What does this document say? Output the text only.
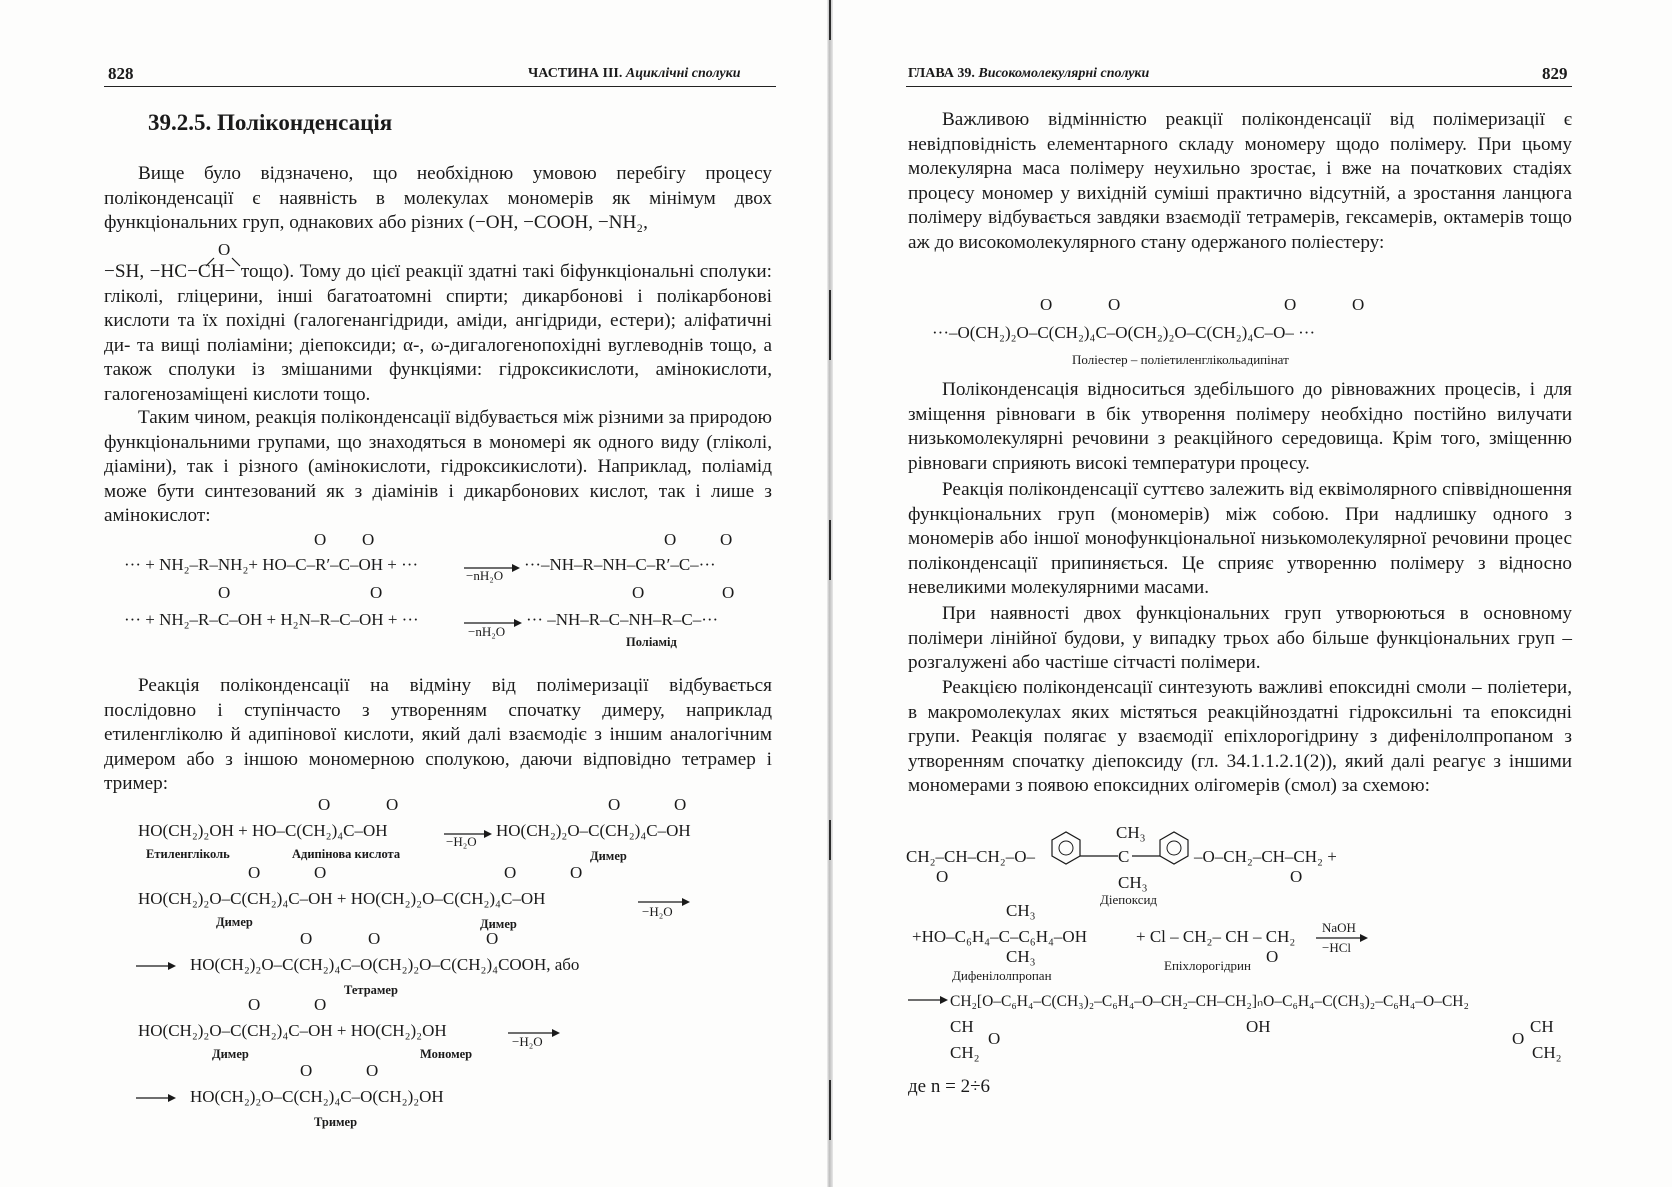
828	ЧАСТИНА III. Ациклічні сполуки
39.2.5. Поліконденсація

Вище було відзначено, що необхідною умовою перебігу процесу поліконденсації є наявність в молекулах мономерів як мінімум двох функціональних груп, однакових або різних (−OH, −COOH, −NH₂,

−SH, −HC−CH− тощо). Тому до цієї реакції здатні такі біфункціональні сполуки: гліколі, гліцерини, інші багатоатомні спирти; дикарбонові і полікарбонові кислоти та їх похідні (галогенангідриди, аміди, ангідриди, естери); аліфатичні ди- та вищі поліаміни; діепоксиди; α-, ω-дигалогенопохідні вуглеводнів тощо, а також сполуки із змішаними функціями: гідроксикислоти, амінокислоти, галогенозаміщені кислоти тощо.

Таким чином, реакція поліконденсації відбувається між різними за природою функціональними групами, що знаходяться в мономері як одного виду (гліколі, діаміни), так і різного (амінокислоти, гідроксикислоти). Наприклад, поліамід може бути синтезований як з діамінів і дикарбонових кислот, так і лише з амінокислот:

Реакція поліконденсації на відміну від полімеризації відбувається послідовно і ступінчасто з утворенням спочатку димеру, наприклад етиленгліколю й адипінової кислоти, який далі взаємодіє з іншим аналогічним димером або з іншою мономерною сполукою, даючи відповідно тетрамер і тример:

O
O O	O	O
··· + NH₂–R–NH₂+ HO–C–R′–C–OH + ···
−nH₂O
···–NH–R–NH–C–R′–C–···
O	O	O	O
··· + NH₂–R–C–OH + H₂N–R–C–OH + ···
−nH₂O
··· –NH–R–C–NH–R–C–···
Поліамід
O	O	O	O
HO(CH₂)₂OH + HO–C(CH₂)₄C–OH
−H₂O
HO(CH₂)₂O–C(CH₂)₄C–OH
Етиленгліколь	Адипінова кислота	Димер
O	O	O	O
HO(CH₂)₂O–C(CH₂)₄C–OH + HO(CH₂)₂O–C(CH₂)₄C–OH
−H₂O
Димер	Димер
O	O	O
HO(CH₂)₂O–C(CH₂)₄C–O(CH₂)₂O–C(CH₂)₄COOH, або
Тетрамер
O	O
HO(CH₂)₂O–C(CH₂)₄C–OH + HO(CH₂)₂OH
−H₂O
Димер	Мономер
O	O
HO(CH₂)₂O–C(CH₂)₄C–O(CH₂)₂OH
Тример
ГЛАВА 39. Високомолекулярні сполуки	829

Важливою відмінністю реакції поліконденсації від полімеризації є невідповідність елементарного складу мономеру щодо полімеру. При цьому молекулярна маса полімеру неухильно зростає, і вже на початкових стадіях процесу мономер у вихідній суміші практично відсутній, а зростання ланцюга полімеру відбувається завдяки взаємодії тетрамерів, гексамерів, октамерів тощо аж до високомолекулярного стану одержаного поліестеру:

Поліконденсація відноситься здебільшого до рівноважних процесів, і для зміщення рівноваги в бік утворення полімеру необхідно постійно вилучати низькомолекулярні речовини з реакційного середовища. Крім того, зміщенню рівноваги сприяють високі температури процесу.

Реакція поліконденсації суттєво залежить від еквімолярного співвідношення функціональних груп (мономерів) між собою. При надлишку одного з мономерів або іншої монофункціональної низькомолекулярної речовини процес поліконденсації припиняється. Це сприяє утворенню полімеру з відносно невеликими молекулярними масами.

При наявності двох функціональних груп утворюються в основному полімери лінійної будови, у випадку трьох або більше функціональних груп – розгалужені або частіше сітчасті полімери.

Реакцією поліконденсації синтезують важливі епоксидні смоли – поліетери, в макромолекулах яких містяться реакційноздатні гідроксильні та епоксидні групи. Реакція полягає у взаємодії епіхлорогідрину з дифенілолпропаном з утворенням спочатку діепоксиду (гл. 34.1.1.2.1(2)), який далі реагує з іншими мономерами з появою епоксидних олігомерів (смол) за схемою:

O	O	O	O
···–O(CH₂)₂O–C(CH₂)₄C–O(CH₂)₂O–C(CH₂)₄C–O– ···
Поліестер – поліетиленглікольадипінат
CH₃
CH₂–CH–CH₂–O–	C	–O–CH₂–CH–CH₂ +
CH₃
O	O
Діепоксид
CH₃
+HO–C₆H₄–C–C₆H₄–OH	+ Cl – CH₂– CH – CH₂ NaOH
−HCl
CH₃	O
Дифенілолпропан
Епіхлорогідрин
CH₂[O–C₆H₄–C(CH₃)₂–C₆H₄–O–CH₂–CH–CH₂]ₙO–C₆H₄–C(CH₃)₂–C₆H₄–O–CH₂
CH
O
CH₂
OH	CH
O
CH₂
де n = 2÷6
